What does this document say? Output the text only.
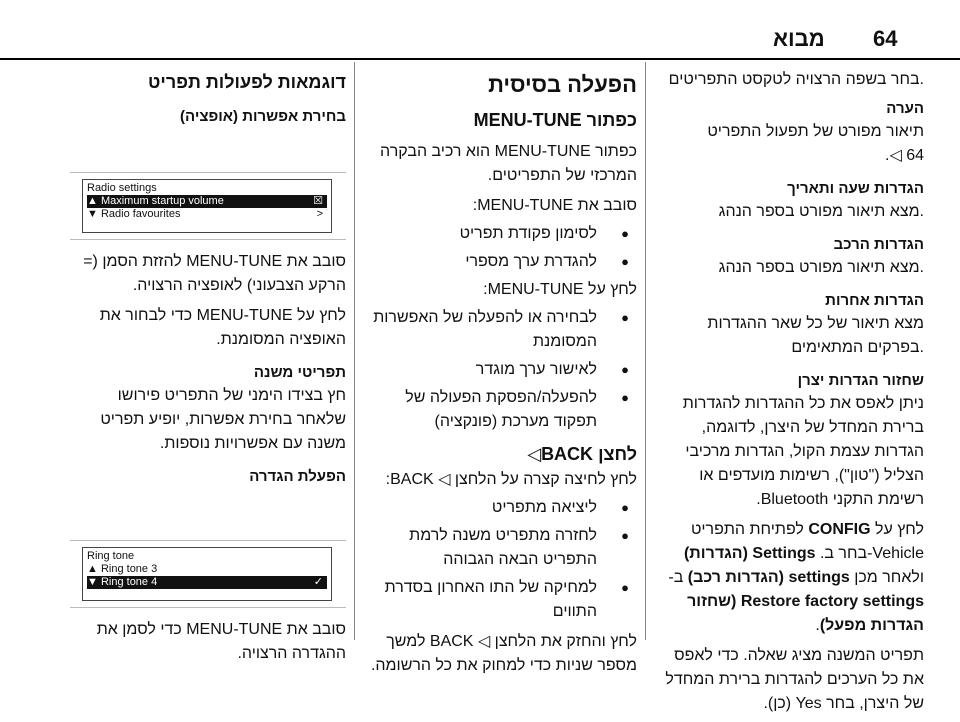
64
מבוא
.בחר בשפה הרצויה לטקסט התפריטים
הערה
תיאור מפורט של תפעול התפריט
64 ◁.
הגדרות שעה ותאריך
.מצא תיאור מפורט בספר הנהג
הגדרות הרכב
.מצא תיאור מפורט בספר הנהג
הגדרות אחרות
מצא תיאור של כל שאר ההגדרות .בפרקים המתאימים
שחזור הגדרות יצרן
ניתן לאפס את כל ההגדרות להגדרות ברירת המחדל של היצרן, לדוגמה, הגדרות עצמת הקול, הגדרות מרכיבי הצליל ("טון"), רשימות מועדפים או רשימת התקני Bluetooth.
לחץ על CONFIG לפתיחת התפריט Vehicle-בחר ב. Settings (הגדרות) ולאחר מכן settings (הגדרות רכב) ב-Restore factory settings (שחזור הגדרות מפעל).
תפריט המשנה מציג שאלה. כדי לאפס את כל הערכים להגדרות ברירת המחדל של היצרן, בחר Yes (כן).
הפעלה בסיסית
כפתור MENU-TUNE
כפתור MENU-TUNE הוא רכיב הבקרה המרכזי של התפריטים.
סובב את MENU-TUNE:
● לסימון פקודת תפריט
● להגדרת ערך מספרי
לחץ על MENU-TUNE:
● לבחירה או להפעלה של האפשרות המסומנת
● לאישור ערך מוגדר
● להפעלה/הפסקת הפעולה של תפקוד מערכת (פונקציה)
לחצן BACK◁
לחץ לחיצה קצרה על הלחצן ◁ BACK:
● ליציאה מתפריט
● לחזרה מתפריט משנה לרמת התפריט הבאה הגבוהה
● למחיקה של התו האחרון בסדרת התווים
לחץ והחזק את הלחצן ◁ BACK למשך מספר שניות כדי למחוק את כל הרשומה.
דוגמאות לפעולות תפריט
בחירת אפשרות (אופציה)
Radio settings
▲ Maximum startup volume	☒
▼ Radio favourites	>
סובב את MENU-TUNE להזזת הסמן (= הרקע הצבעוני) לאופציה הרצויה.
לחץ על MENU-TUNE כדי לבחור את האופציה המסומנת.
תפריטי משנה
חץ בצידו הימני של התפריט פירושו שלאחר בחירת אפשרות, יופיע תפריט משנה עם אפשרויות נוספות.
הפעלת הגדרה
Ring tone
▲ Ring tone 3
▼ Ring tone 4	✓
סובב את MENU-TUNE כדי לסמן את ההגדרה הרצויה.
